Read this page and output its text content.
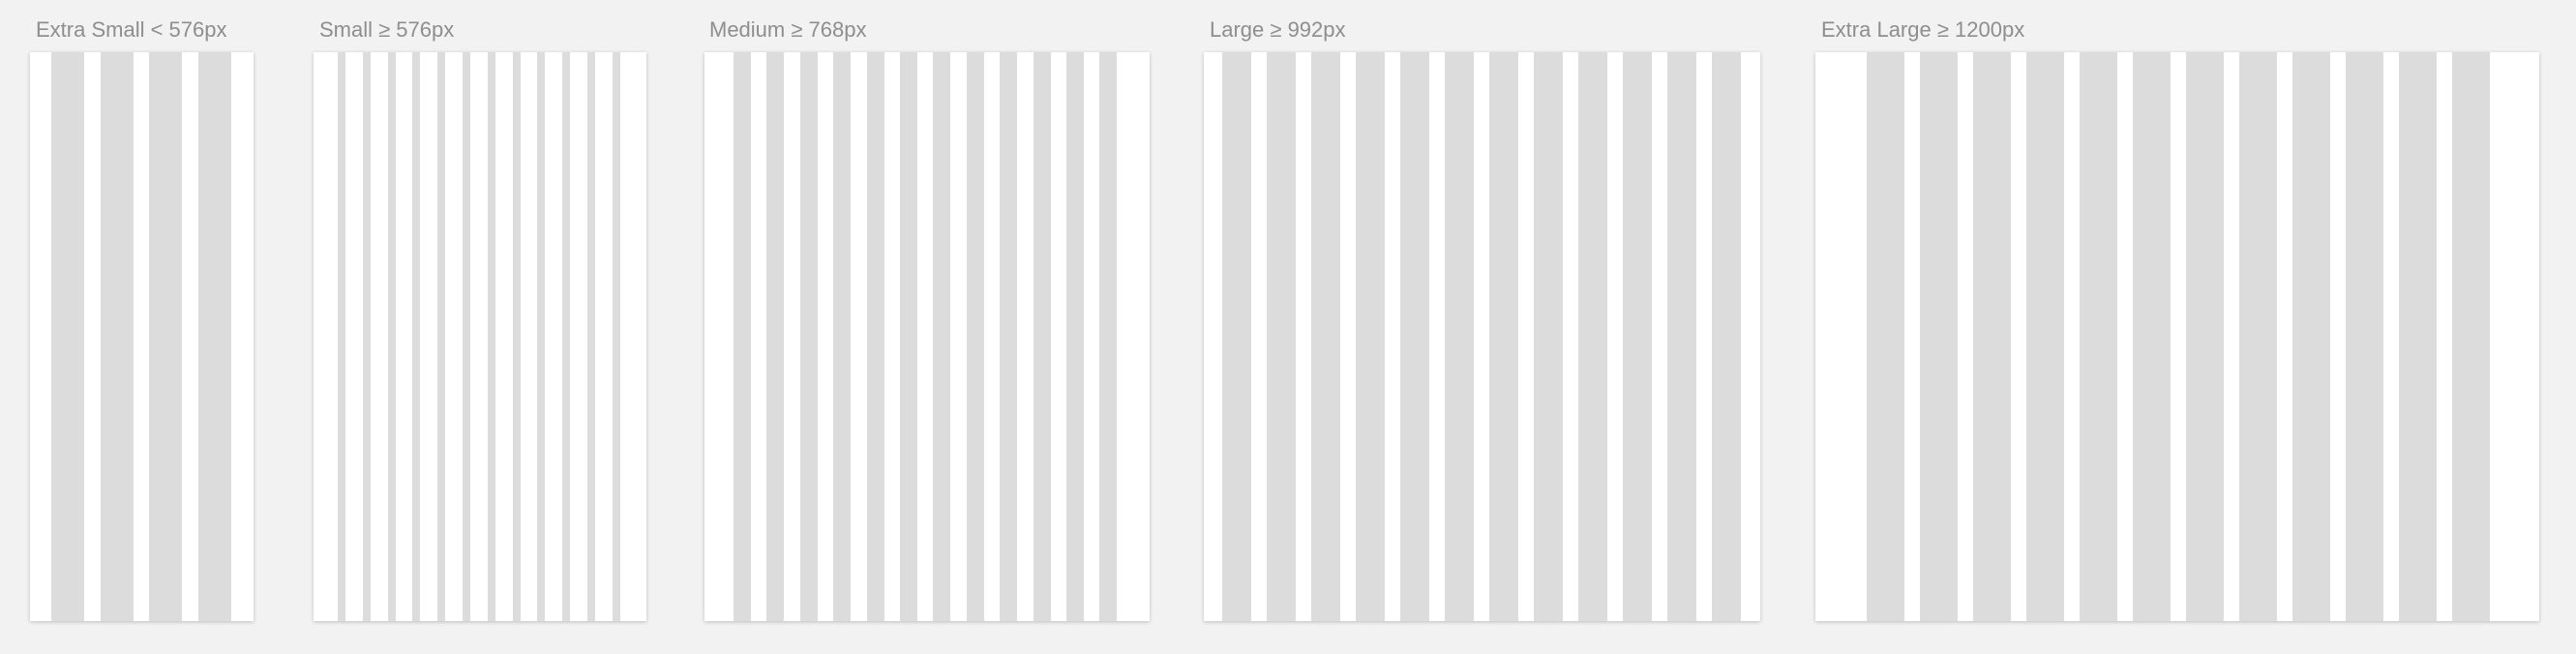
Extra Small < 576px	Small ≥ 576px	Medium ≥ 768px	Large ≥ 992px	Extra Large ≥ 1200px
